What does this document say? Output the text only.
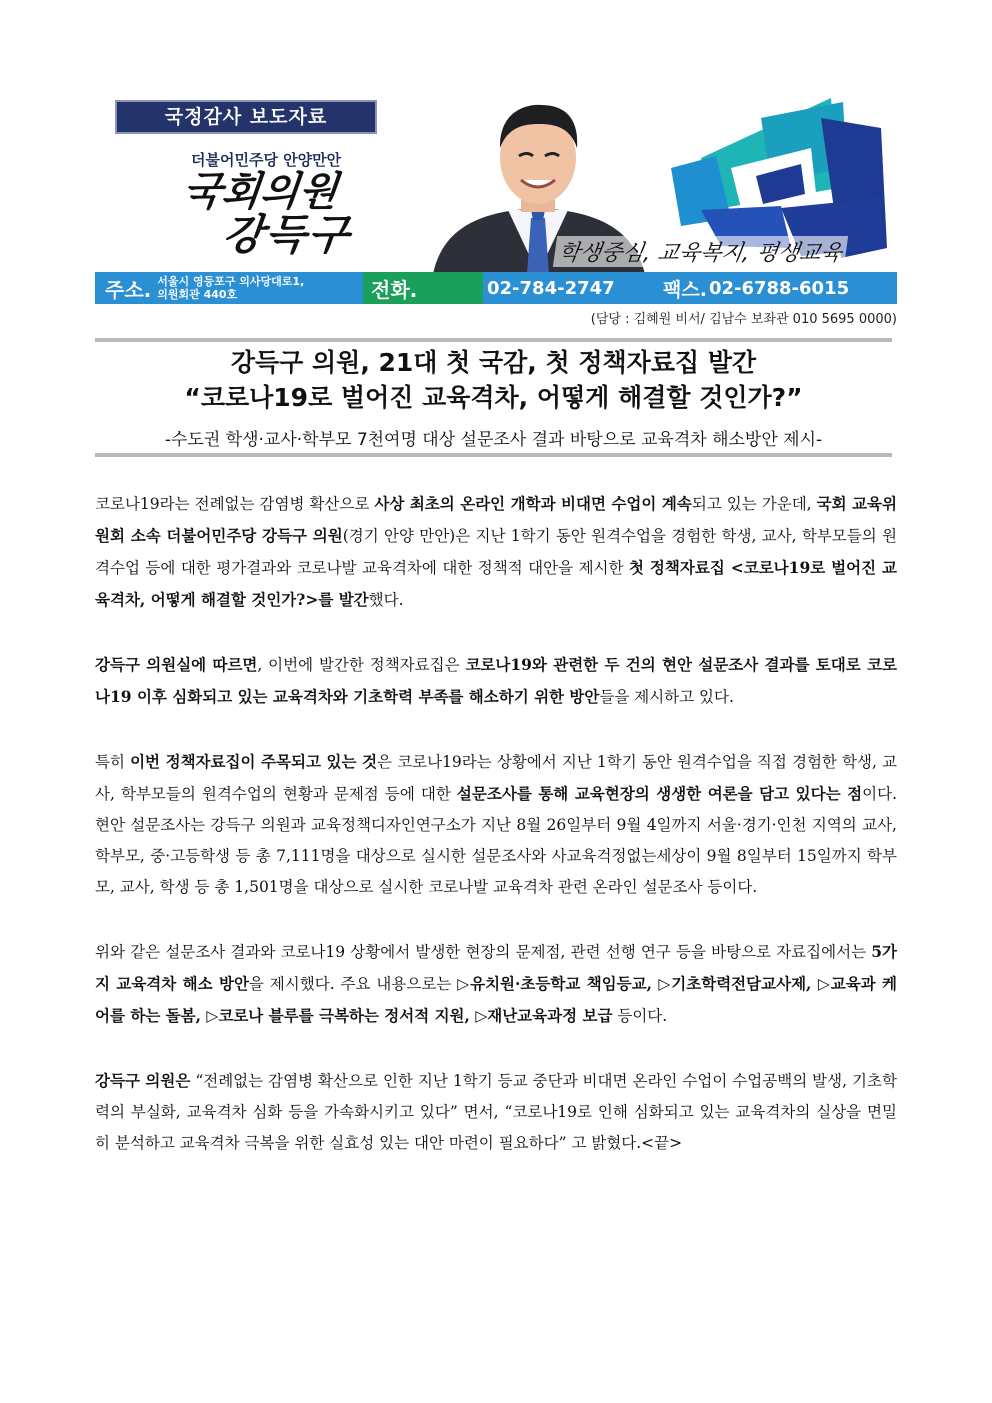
국정감사 보도자료
더불어민주당 안양만안
국회의원
강득구	학생중심, 교육복지, 평생교육
주소. 서울시 영등포구 의사당대로1,
의원회관 440호	전화.	02-784-2747	팩스. 02-6788-6015
(담당 : 김혜원 비서/ 김남수 보좌관 010 5695 0000)
강득구 의원, 21대 첫 국감, 첫 정책자료집 발간
“코로나19로 벌어진 교육격차, 어떻게 해결할 것인가?”
-수도권 학생·교사·학부모 7천여명 대상 설문조사 결과 바탕으로 교육격차 해소방안 제시-

코로나19라는 전례없는 감염병 확산으로 사상 최초의 온라인 개학과 비대면 수업이 계속되고 있는 가운데, 국회 교육위원회 소속 더불어민주당 강득구 의원(경기 안양 만안)은 지난 1학기 동안 원격수업을 경험한 학생, 교사, 학부모들의 원격수업 등에 대한 평가결과와 코로나발 교육격차에 대한 정책적 대안을 제시한 첫 정책자료집 <코로나19로 벌어진 교육격차, 어떻게 해결할 것인가?>를 발간했다.

강득구 의원실에 따르면, 이번에 발간한 정책자료집은 코로나19와 관련한 두 건의 현안 설문조사 결과를 토대로 코로나19 이후 심화되고 있는 교육격차와 기초학력 부족를 해소하기 위한 방안들을 제시하고 있다.

특히 이번 정책자료집이 주목되고 있는 것은 코로나19라는 상황에서 지난 1학기 동안 원격수업을 직접 경험한 학생, 교사, 학부모들의 원격수업의 현황과 문제점 등에 대한 설문조사를 통해 교육현장의 생생한 여론을 담고 있다는 점이다. 현안 설문조사는 강득구 의원과 교육정책디자인연구소가 지난 8월 26일부터 9월 4일까지 서울·경기·인천 지역의 교사, 학부모, 중·고등학생 등 총 7,111명을 대상으로 실시한 설문조사와 사교육걱정없는세상이 9월 8일부터 15일까지 학부모, 교사, 학생 등 총 1,501명을 대상으로 실시한 코로나발 교육격차 관련 온라인 설문조사 등이다.

위와 같은 설문조사 결과와 코로나19 상황에서 발생한 현장의 문제점, 관련 선행 연구 등을 바탕으로 자료집에서는 5가지 교육격차 해소 방안을 제시했다. 주요 내용으로는 ▷유치원·초등학교 책임등교, ▷기초학력전담교사제, ▷교육과 케어를 하는 돌봄, ▷코로나 블루를 극복하는 정서적 지원, ▷재난교육과정 보급 등이다.

강득구 의원은 “전례없는 감염병 확산으로 인한 지난 1학기 등교 중단과 비대면 온라인 수업이 수업공백의 발생, 기초학력의 부실화, 교육격차 심화 등을 가속화시키고 있다” 면서, “코로나19로 인해 심화되고 있는 교육격차의 실상을 면밀히 분석하고 교육격차 극복을 위한 실효성 있는 대안 마련이 필요하다” 고 밝혔다.<끝>
